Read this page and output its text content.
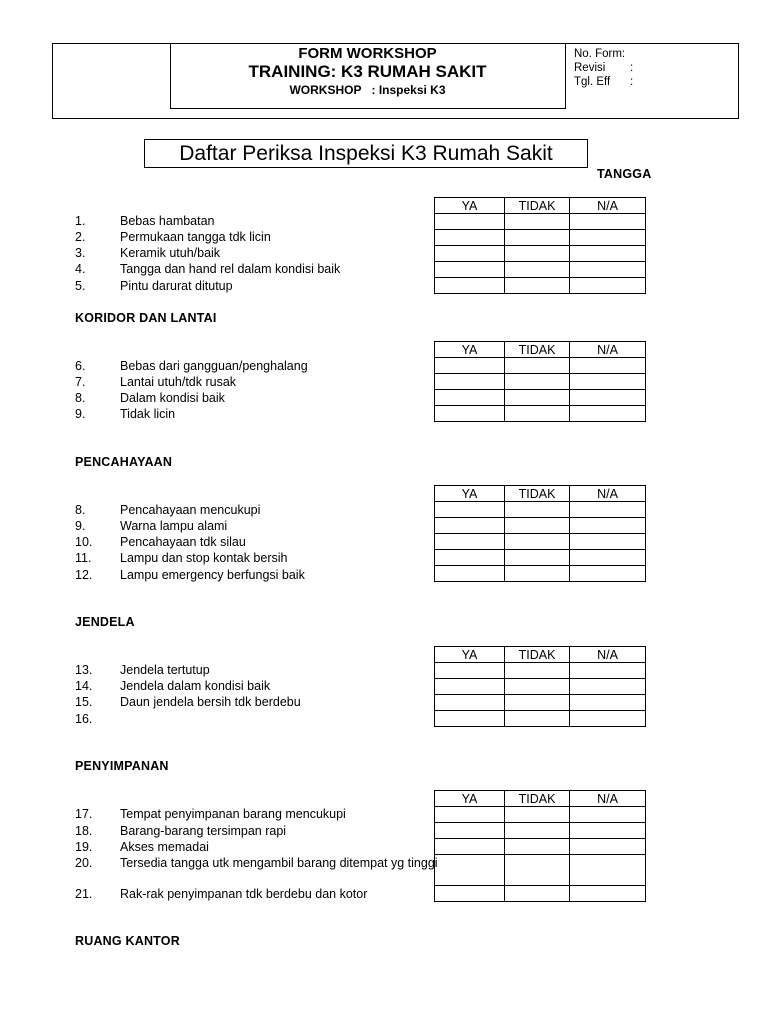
FORM WORKSHOP
TRAINING: K3 RUMAH SAKIT
WORKSHOP : Inspeksi K3
No. Form :
Revisi	:
Tgl. Eff	:
Daftar Periksa Inspeksi K3 Rumah Sakit
TANGGA
YA	TIDAK	N/A

1.	Bebas hambatan
2.	Permukaan tangga tdk licin
3.	Keramik utuh/baik
4.	Tangga dan hand rel dalam kondisi baik
5.	Pintu darurat ditutup
KORIDOR DAN LANTAI
YA	TIDAK	N/A

6.	Bebas dari gangguan/penghalang
7.	Lantai utuh/tdk rusak
8.	Dalam kondisi baik
9.	Tidak licin
PENCAHAYAAN
YA	TIDAK	N/A

8.	Pencahayaan mencukupi
9.	Warna lampu alami
10.	Pencahayaan tdk silau
11.	Lampu dan stop kontak bersih
12.	Lampu emergency berfungsi baik
JENDELA
YA	TIDAK	N/A

13.	Jendela tertutup
14.	Jendela dalam kondisi baik
15.	Daun jendela bersih tdk berdebu
16.
PENYIMPANAN
YA	TIDAK	N/A

17.	Tempat penyimpanan barang mencukupi
18.	Barang-barang tersimpan rapi
19.	Akses memadai
20.	Tersedia tangga utk mengambil barang ditempat yg tinggi
21.	Rak-rak penyimpanan tdk berdebu dan kotor
RUANG KANTOR
